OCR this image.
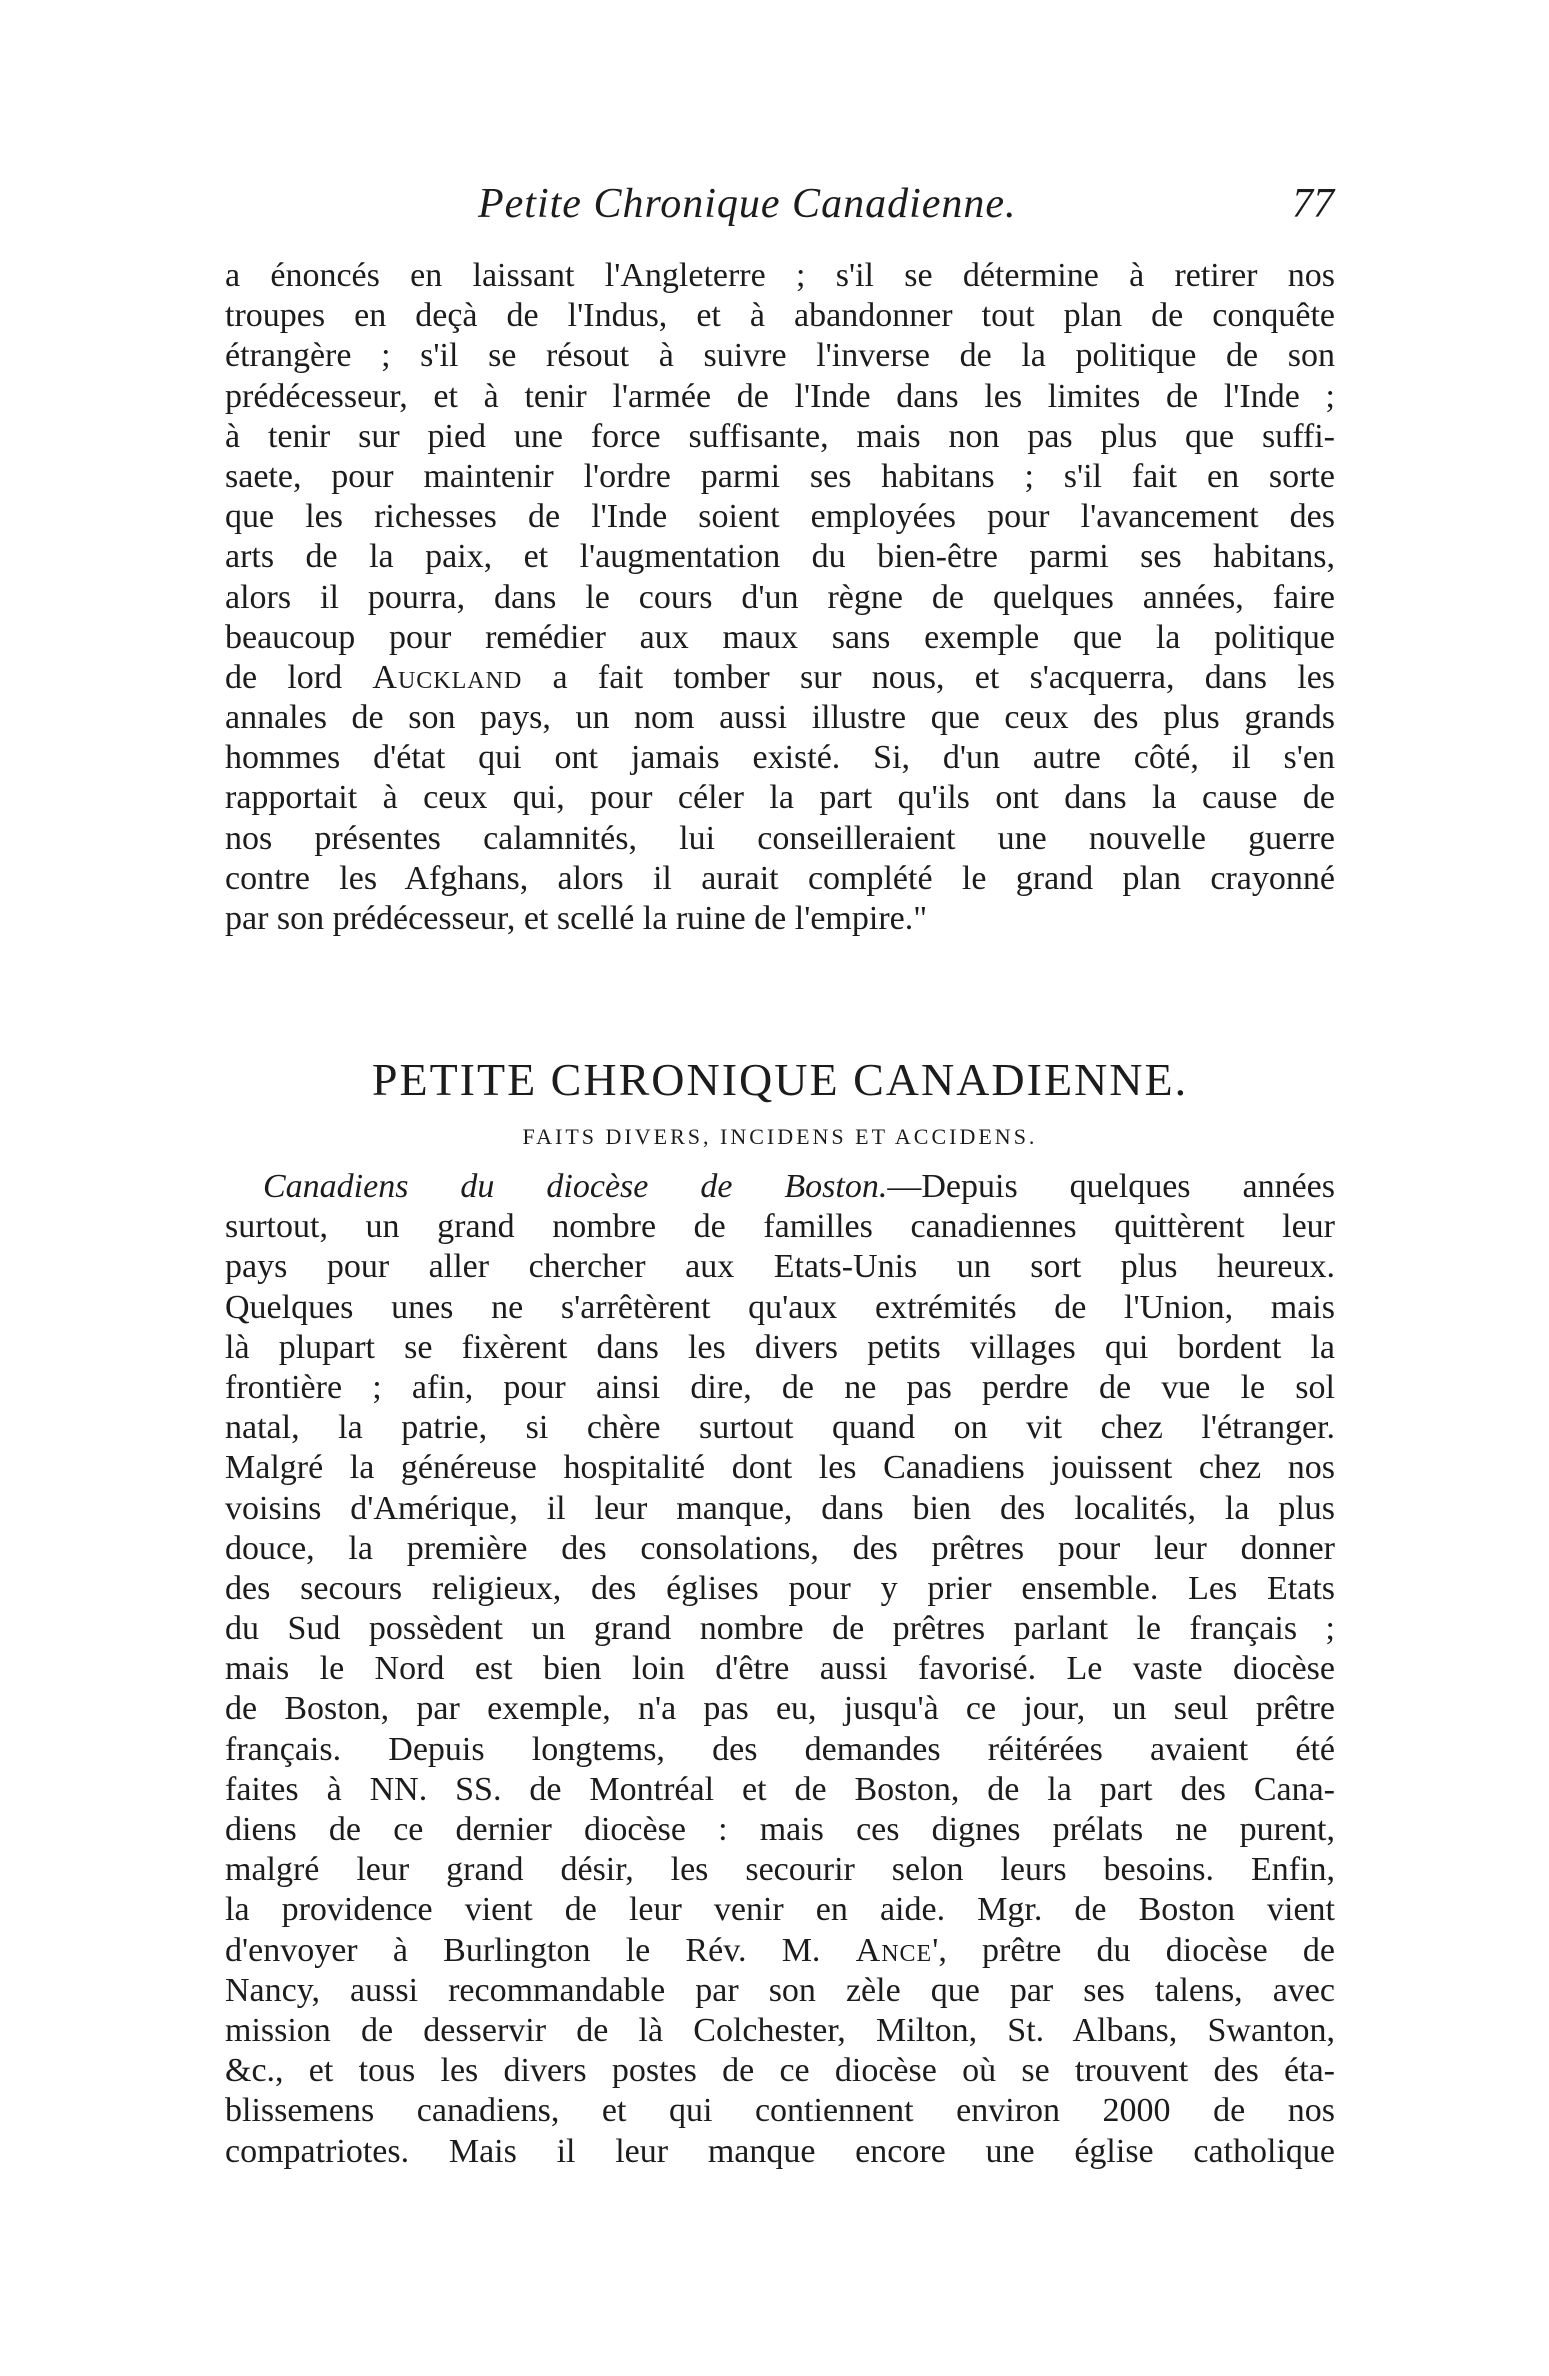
Petite Chronique Canadienne.	77
a énoncés en laissant l'Angleterre ; s'il se détermine à retirer nos
troupes en deçà de l'Indus, et à abandonner tout plan de conquête
étrangère ; s'il se résout à suivre l'inverse de la politique de son
prédécesseur, et à tenir l'armée de l'Inde dans les limites de l'Inde ;
à tenir sur pied une force suffisante, mais non pas plus que suffi-
saete, pour maintenir l'ordre parmi ses habitans ; s'il fait en sorte
que les richesses de l'Inde soient employées pour l'avancement des
arts de la paix, et l'augmentation du bien-être parmi ses habitans,
alors il pourra, dans le cours d'un règne de quelques années, faire
beaucoup pour remédier aux maux sans exemple que la politique
de lord Auckland a fait tomber sur nous, et s'acquerra, dans les
annales de son pays, un nom aussi illustre que ceux des plus grands
hommes d'état qui ont jamais existé. Si, d'un autre côté, il s'en
rapportait à ceux qui, pour céler la part qu'ils ont dans la cause de
nos présentes calamnités, lui conseilleraient une nouvelle guerre
contre les Afghans, alors il aurait complété le grand plan crayonné
par son prédécesseur, et scellé la ruine de l'empire."
PETITE CHRONIQUE CANADIENNE.
FAITS DIVERS, INCIDENS ET ACCIDENS.
Canadiens du diocèse de Boston.—Depuis quelques années
surtout, un grand nombre de familles canadiennes quittèrent leur
pays pour aller chercher aux Etats-Unis un sort plus heureux.
Quelques unes ne s'arrêtèrent qu'aux extrémités de l'Union, mais
là plupart se fixèrent dans les divers petits villages qui bordent la
frontière ; afin, pour ainsi dire, de ne pas perdre de vue le sol
natal, la patrie, si chère surtout quand on vit chez l'étranger.
Malgré la généreuse hospitalité dont les Canadiens jouissent chez nos
voisins d'Amérique, il leur manque, dans bien des localités, la plus
douce, la première des consolations, des prêtres pour leur donner
des secours religieux, des églises pour y prier ensemble. Les Etats
du Sud possèdent un grand nombre de prêtres parlant le français ;
mais le Nord est bien loin d'être aussi favorisé. Le vaste diocèse
de Boston, par exemple, n'a pas eu, jusqu'à ce jour, un seul prêtre
français. Depuis longtems, des demandes réitérées avaient été
faites à NN. SS. de Montréal et de Boston, de la part des Cana-
diens de ce dernier diocèse : mais ces dignes prélats ne purent,
malgré leur grand désir, les secourir selon leurs besoins. Enfin,
la providence vient de leur venir en aide. Mgr. de Boston vient
d'envoyer à Burlington le Rév. M. Ance', prêtre du diocèse de
Nancy, aussi recommandable par son zèle que par ses talens, avec
mission de desservir de là Colchester, Milton, St. Albans, Swanton,
&c., et tous les divers postes de ce diocèse où se trouvent des éta-
blissemens canadiens, et qui contiennent environ 2000 de nos
compatriotes. Mais il leur manque encore une église catholique
